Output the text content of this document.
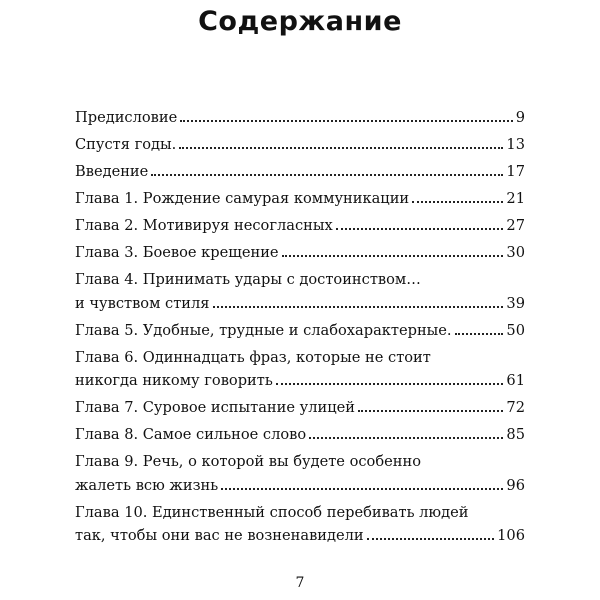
Содержание
Предисловие	9
Спустя годы.	13
Введение	17
Глава 1. Рождение самурая коммуникации	21
Глава 2. Мотивируя несогласных	27
Глава 3. Боевое крещение	30
Глава 4. Принимать удары с достоинством…
и чувством стиля	39
Глава 5. Удобные, трудные и слабохарактерные.	50
Глава 6. Одиннадцать фраз, которые не стоит
никогда никому говорить	61
Глава 7. Суровое испытание улицей	72
Глава 8. Самое сильное слово	85
Глава 9. Речь, о которой вы будете особенно
жалеть всю жизнь	96
Глава 10. Единственный способ перебивать людей
так, чтобы они вас не возненавидели	106
7
